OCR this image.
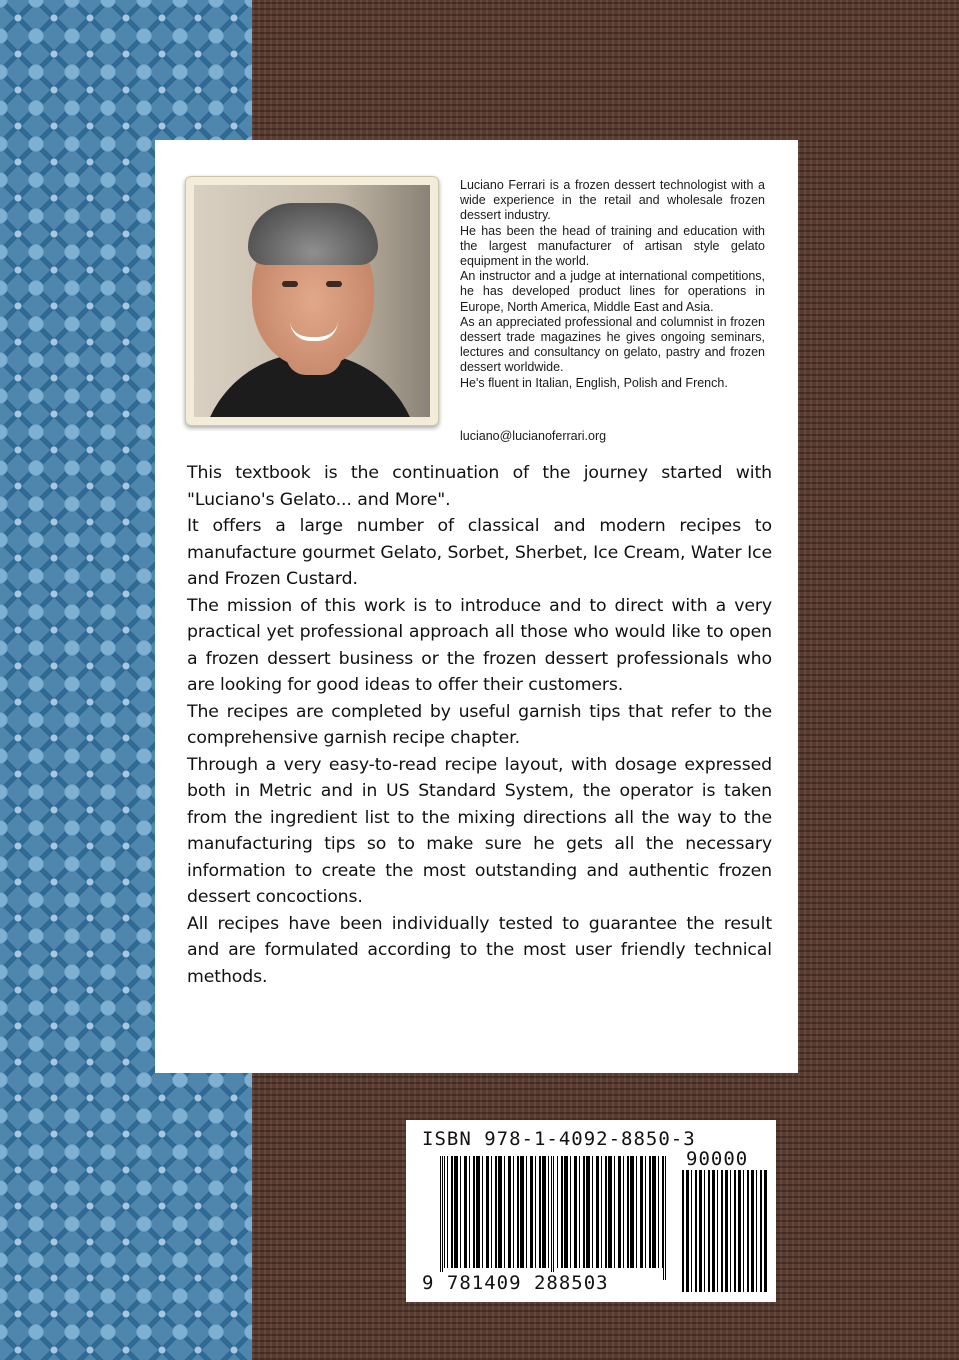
Luciano Ferrari is a frozen dessert technologist with a wide experience in the retail and wholesale frozen dessert industry.

He has been the head of training and education with the largest manufacturer of artisan style gelato equipment in the world.

An instructor and a judge at international competitions, he has developed product lines for operations in Europe, North America, Middle East and Asia.

As an appreciated professional and columnist in frozen dessert trade magazines he gives ongoing seminars, lectures and consultancy on gelato, pastry and frozen dessert worldwide.

He's fluent in Italian, English, Polish and French.

luciano@lucianoferrari.org

This textbook is the continuation of the journey started with "Luciano's Gelato... and More".

It offers a large number of classical and modern recipes to manufacture gourmet Gelato, Sorbet, Sherbet, Ice Cream, Water Ice and Frozen Custard.

The mission of this work is to introduce and to direct with a very practical yet professional approach all those who would like to open a frozen dessert business or the frozen dessert professionals who are looking for good ideas to offer their customers.

The recipes are completed by useful garnish tips that refer to the comprehensive garnish recipe chapter.

Through a very easy-to-read recipe layout, with dosage expressed both in Metric and in US Standard System, the operator is taken from the ingredient list to the mixing directions all the way to the manufacturing tips so to make sure he gets all the necessary information to create the most outstanding and authentic frozen dessert concoctions.

All recipes have been individually tested to guarantee the result and are formulated according to the most user friendly technical methods.

ISBN 978-1-4092-8850-3
90000
9 781409 288503
